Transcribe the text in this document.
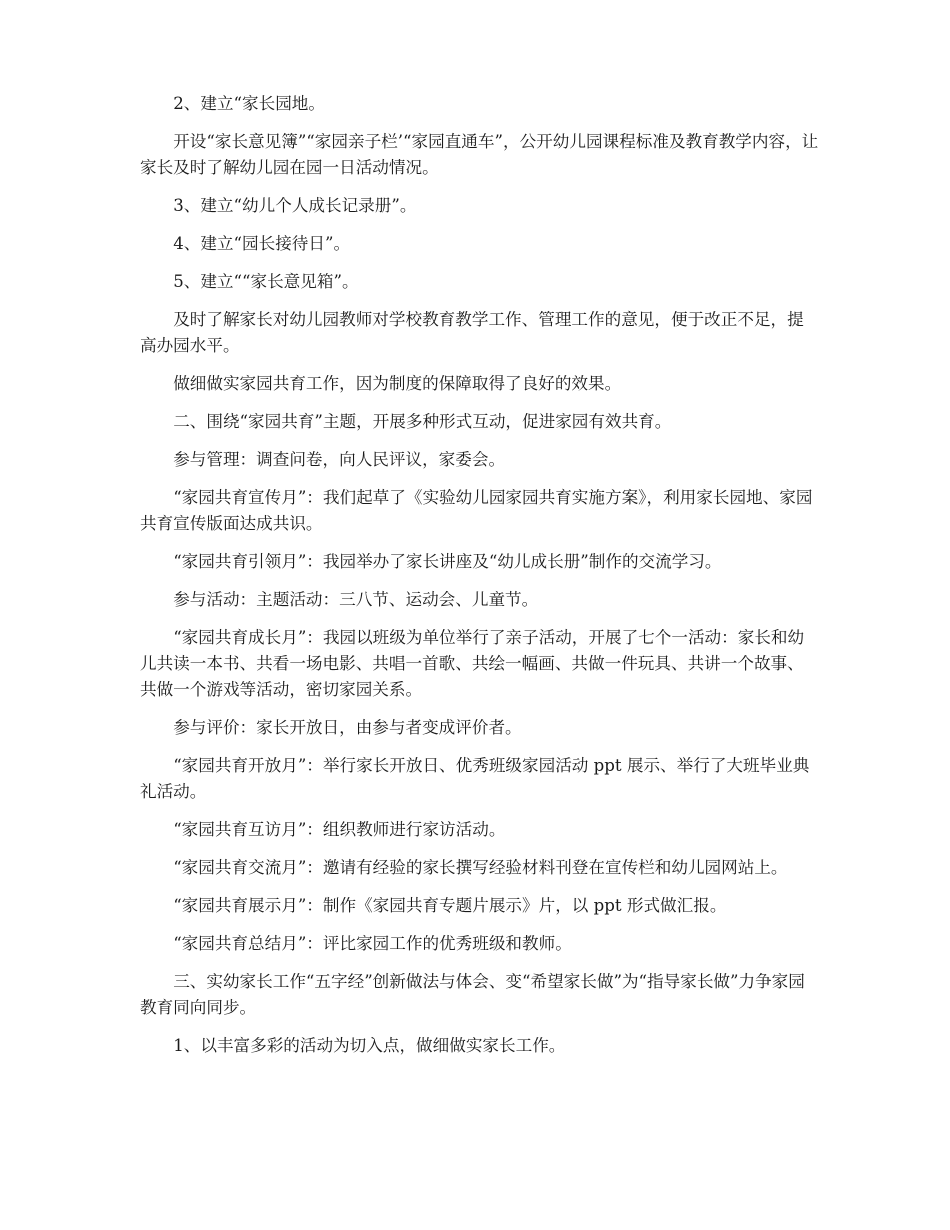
2、建立“家长园地。

开设“家长意见簿”“家园亲子栏’“家园直通车”，公开幼儿园课程标准及教育教学内容，让家长及时了解幼儿园在园一日活动情况。

3、建立“幼儿个人成长记录册”。

4、建立“园长接待日”。

5、建立““家长意见箱”。

及时了解家长对幼儿园教师对学校教育教学工作、管理工作的意见，便于改正不足，提高办园水平。

做细做实家园共育工作，因为制度的保障取得了良好的效果。

二、围绕“家园共育”主题，开展多种形式互动，促进家园有效共育。

参与管理：调查问卷，向人民评议，家委会。

“家园共育宣传月”：我们起草了《实验幼儿园家园共育实施方案》，利用家长园地、家园共育宣传版面达成共识。

“家园共育引领月”：我园举办了家长讲座及“幼儿成长册”制作的交流学习。

参与活动：主题活动：三八节、运动会、儿童节。

“家园共育成长月”：我园以班级为单位举行了亲子活动，开展了七个一活动：家长和幼儿共读一本书、共看一场电影、共唱一首歌、共绘一幅画、共做一件玩具、共讲一个故事、共做一个游戏等活动，密切家园关系。

参与评价：家长开放日，由参与者变成评价者。

“家园共育开放月”：举行家长开放日、优秀班级家园活动 ppt 展示、举行了大班毕业典礼活动。

“家园共育互访月”：组织教师进行家访活动。

“家园共育交流月”：邀请有经验的家长撰写经验材料刊登在宣传栏和幼儿园网站上。

“家园共育展示月”：制作《家园共育专题片展示》片，以 ppt 形式做汇报。

“家园共育总结月”：评比家园工作的优秀班级和教师。

三、实幼家长工作“五字经”创新做法与体会、变“希望家长做”为“指导家长做”力争家园教育同向同步。

1、以丰富多彩的活动为切入点，做细做实家长工作。
